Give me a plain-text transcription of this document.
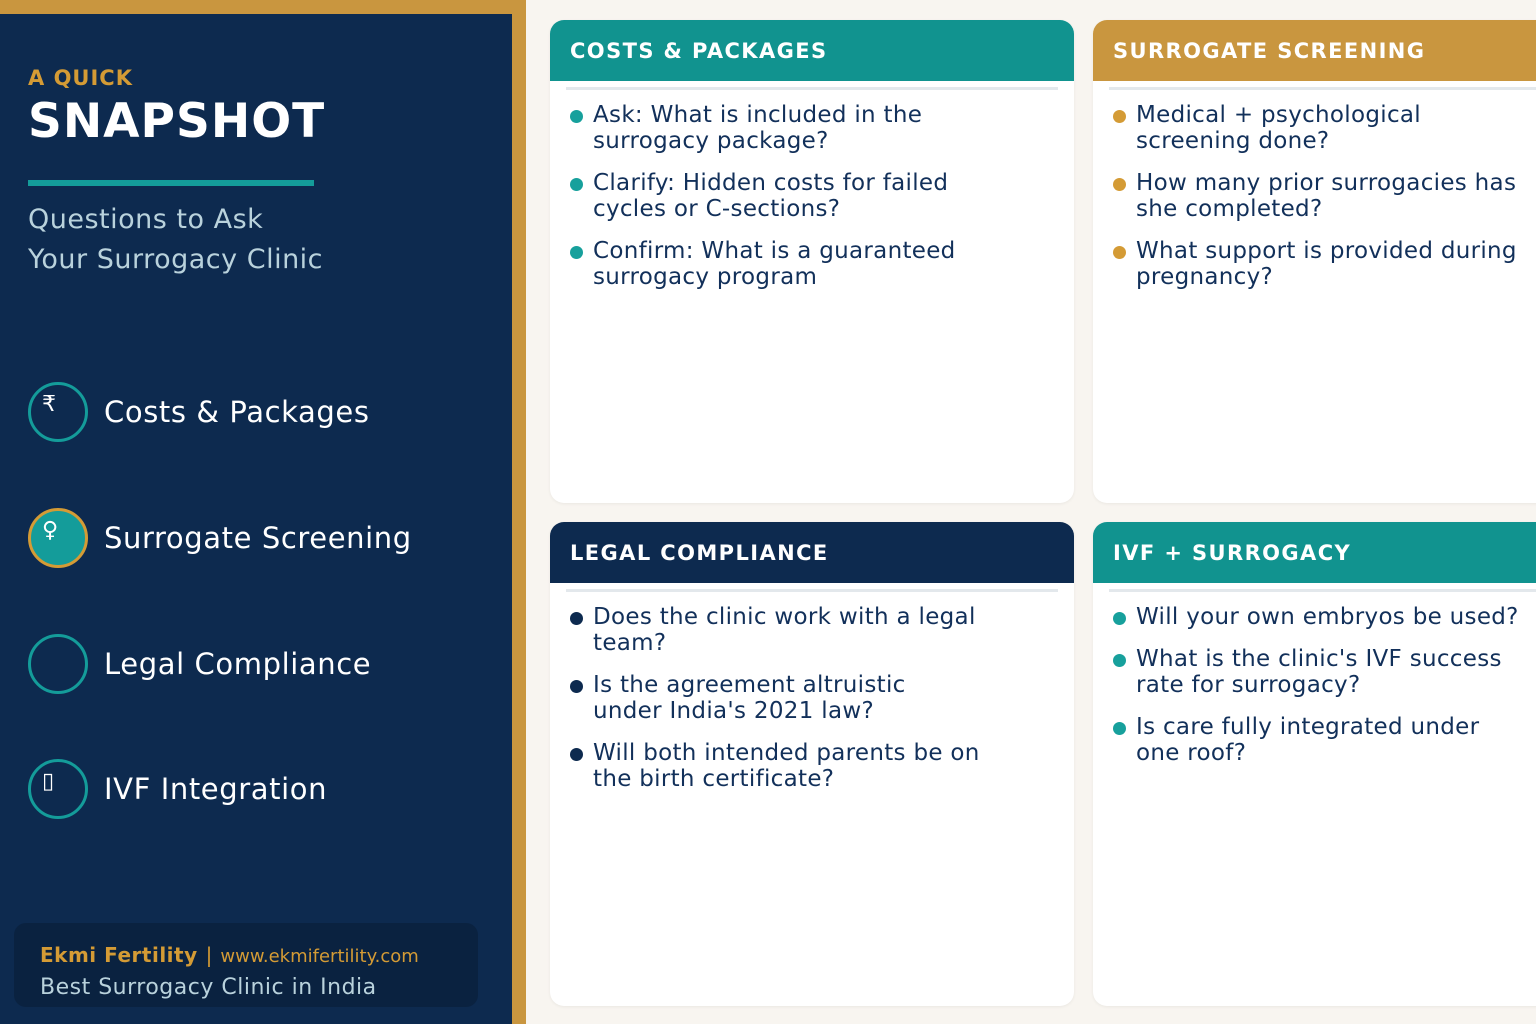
A QUICK
SNAPSHOT
Questions to Ask Your Surrogacy Clinic
₹ Costs & Packages
♀ Surrogate Screening
Legal Compliance
▯ IVF Integration
Ekmi Fertility | www.ekmifertility.com
Best Surrogacy Clinic in India
COSTS & PACKAGES
Ask: What is included in the surrogacy package?
Clarify: Hidden costs for failed cycles or C-sections?
Confirm: What is a guaranteed surrogacy program
SURROGATE SCREENING
Medical + psychological screening done?
How many prior surrogacies has she completed?
What support is provided during pregnancy?
LEGAL COMPLIANCE
Does the clinic work with a legal team?
Is the agreement altruistic under India's 2021 law?
Will both intended parents be on the birth certificate?
IVF + SURROGACY
Will your own embryos be used?
What is the clinic's IVF success rate for surrogacy?
Is care fully integrated under one roof?
